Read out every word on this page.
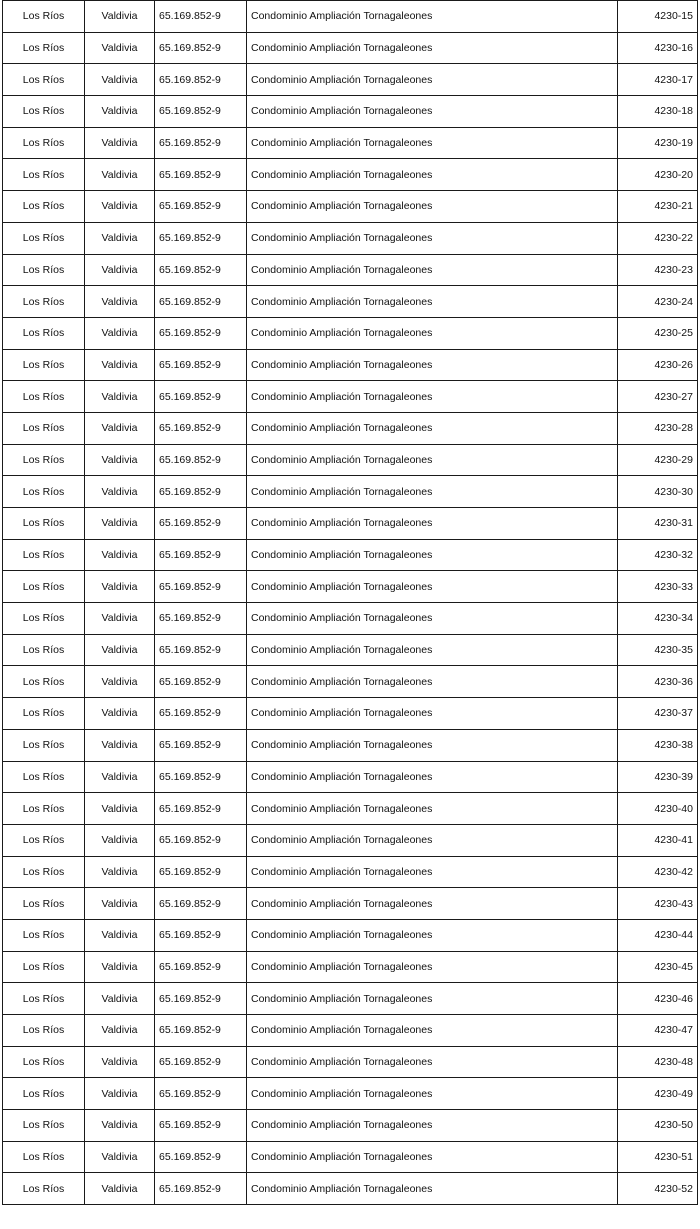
Los Ríos	Valdivia	65.169.852-9	Condominio Ampliación Tornagaleones	4230-15
Los Ríos	Valdivia	65.169.852-9	Condominio Ampliación Tornagaleones	4230-16
Los Ríos	Valdivia	65.169.852-9	Condominio Ampliación Tornagaleones	4230-17
Los Ríos	Valdivia	65.169.852-9	Condominio Ampliación Tornagaleones	4230-18
Los Ríos	Valdivia	65.169.852-9	Condominio Ampliación Tornagaleones	4230-19
Los Ríos	Valdivia	65.169.852-9	Condominio Ampliación Tornagaleones	4230-20
Los Ríos	Valdivia	65.169.852-9	Condominio Ampliación Tornagaleones	4230-21
Los Ríos	Valdivia	65.169.852-9	Condominio Ampliación Tornagaleones	4230-22
Los Ríos	Valdivia	65.169.852-9	Condominio Ampliación Tornagaleones	4230-23
Los Ríos	Valdivia	65.169.852-9	Condominio Ampliación Tornagaleones	4230-24
Los Ríos	Valdivia	65.169.852-9	Condominio Ampliación Tornagaleones	4230-25
Los Ríos	Valdivia	65.169.852-9	Condominio Ampliación Tornagaleones	4230-26
Los Ríos	Valdivia	65.169.852-9	Condominio Ampliación Tornagaleones	4230-27
Los Ríos	Valdivia	65.169.852-9	Condominio Ampliación Tornagaleones	4230-28
Los Ríos	Valdivia	65.169.852-9	Condominio Ampliación Tornagaleones	4230-29
Los Ríos	Valdivia	65.169.852-9	Condominio Ampliación Tornagaleones	4230-30
Los Ríos	Valdivia	65.169.852-9	Condominio Ampliación Tornagaleones	4230-31
Los Ríos	Valdivia	65.169.852-9	Condominio Ampliación Tornagaleones	4230-32
Los Ríos	Valdivia	65.169.852-9	Condominio Ampliación Tornagaleones	4230-33
Los Ríos	Valdivia	65.169.852-9	Condominio Ampliación Tornagaleones	4230-34
Los Ríos	Valdivia	65.169.852-9	Condominio Ampliación Tornagaleones	4230-35
Los Ríos	Valdivia	65.169.852-9	Condominio Ampliación Tornagaleones	4230-36
Los Ríos	Valdivia	65.169.852-9	Condominio Ampliación Tornagaleones	4230-37
Los Ríos	Valdivia	65.169.852-9	Condominio Ampliación Tornagaleones	4230-38
Los Ríos	Valdivia	65.169.852-9	Condominio Ampliación Tornagaleones	4230-39
Los Ríos	Valdivia	65.169.852-9	Condominio Ampliación Tornagaleones	4230-40
Los Ríos	Valdivia	65.169.852-9	Condominio Ampliación Tornagaleones	4230-41
Los Ríos	Valdivia	65.169.852-9	Condominio Ampliación Tornagaleones	4230-42
Los Ríos	Valdivia	65.169.852-9	Condominio Ampliación Tornagaleones	4230-43
Los Ríos	Valdivia	65.169.852-9	Condominio Ampliación Tornagaleones	4230-44
Los Ríos	Valdivia	65.169.852-9	Condominio Ampliación Tornagaleones	4230-45
Los Ríos	Valdivia	65.169.852-9	Condominio Ampliación Tornagaleones	4230-46
Los Ríos	Valdivia	65.169.852-9	Condominio Ampliación Tornagaleones	4230-47
Los Ríos	Valdivia	65.169.852-9	Condominio Ampliación Tornagaleones	4230-48
Los Ríos	Valdivia	65.169.852-9	Condominio Ampliación Tornagaleones	4230-49
Los Ríos	Valdivia	65.169.852-9	Condominio Ampliación Tornagaleones	4230-50
Los Ríos	Valdivia	65.169.852-9	Condominio Ampliación Tornagaleones	4230-51
Los Ríos	Valdivia	65.169.852-9	Condominio Ampliación Tornagaleones	4230-52
